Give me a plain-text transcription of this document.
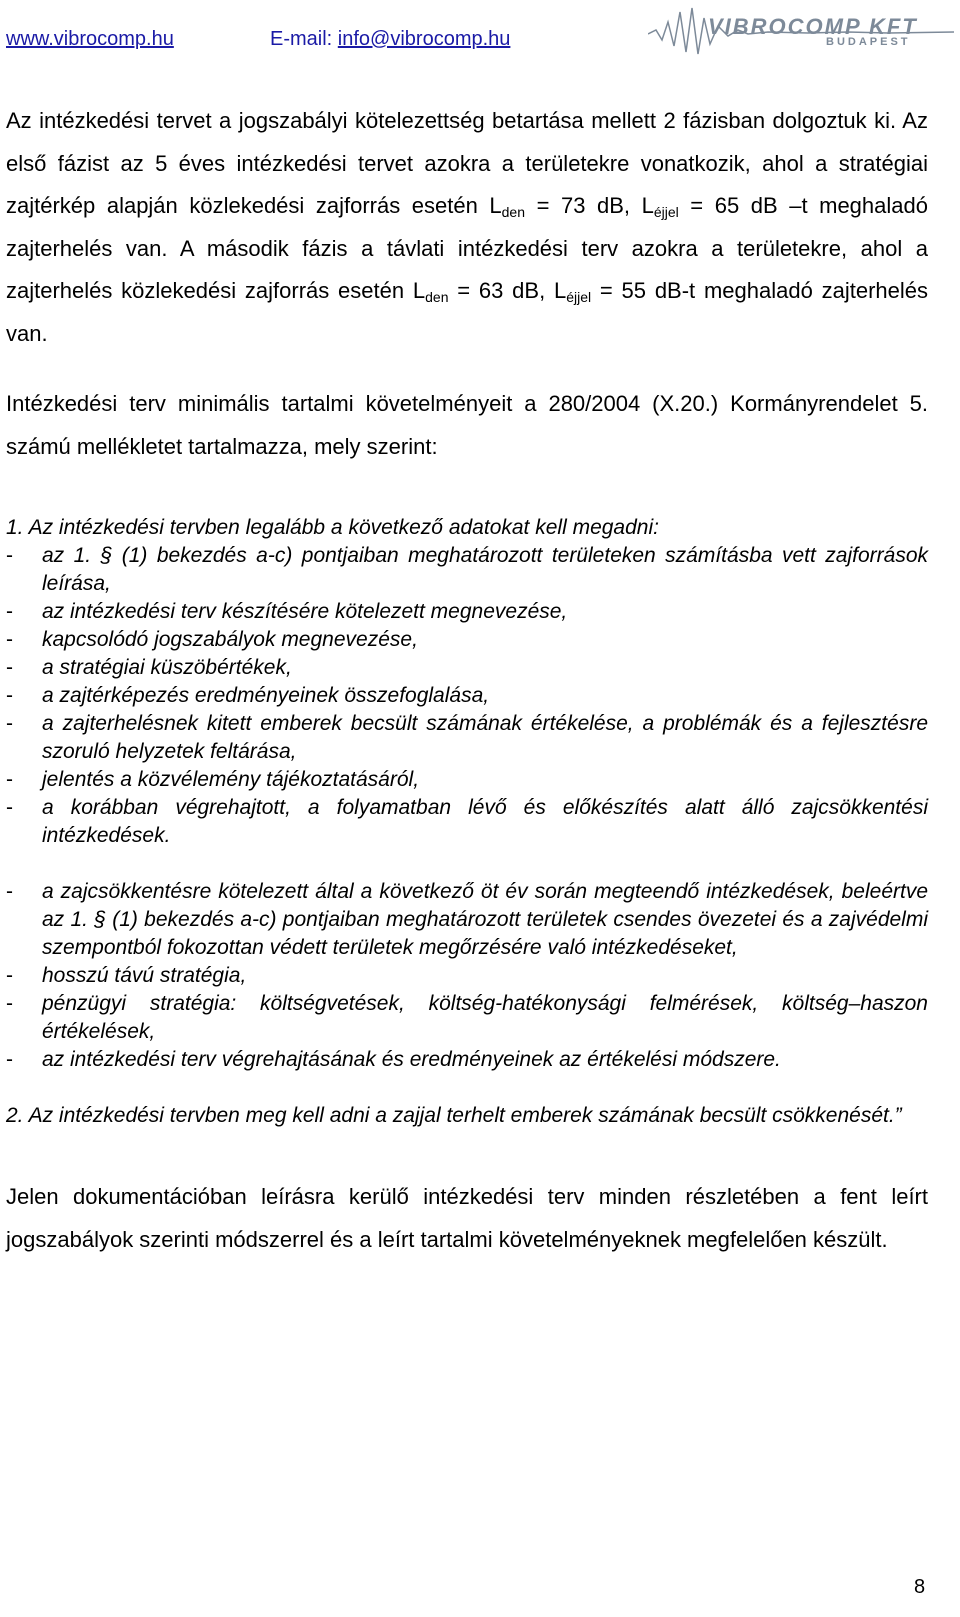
www.vibrocomp.hu	E-mail: info@vibrocomp.hu	VIBROCOMP KFT
BUDAPEST

Az intézkedési tervet a jogszabályi kötelezettség betartása mellett 2 fázisban dolgoztuk ki. Az első fázist az 5 éves intézkedési tervet azokra a területekre vonatkozik, ahol a stratégiai zajtérkép alapján közlekedési zajforrás esetén $L_{den} = 73$ dB, $L_{éjjel} = 65$ dB –t meghaladó zajterhelés van. A második fázis a távlati intézkedési terv azokra a területekre, ahol a zajterhelés közlekedési zajforrás esetén $L_{den} = 63$ dB, $L_{éjjel} = 55$ dB-t meghaladó zajterhelés van.

Intézkedési terv minimális tartalmi követelményeit a 280/2004 (X.20.) Kormányrendelet 5. számú mellékletet tartalmazza, mely szerint:

1. Az intézkedési tervben legalább a következő adatokat kell megadni:

- az 1. § (1) bekezdés a-c) pontjaiban meghatározott területeken számításba vett zajforrások leírása,
- az intézkedési terv készítésére kötelezett megnevezése,
- kapcsolódó jogszabályok megnevezése,
- a stratégiai küszöbértékek,
- a zajtérképezés eredményeinek összefoglalása,
- a zajterhelésnek kitett emberek becsült számának értékelése, a problémák és a fejlesztésre szoruló helyzetek feltárása,
- jelentés a közvélemény tájékoztatásáról,
- a korábban végrehajtott, a folyamatban lévő és előkészítés alatt álló zajcsökkentési intézkedések.
- a zajcsökkentésre kötelezett által a következő öt év során megteendő intézkedések, beleértve az 1. § (1) bekezdés a-c) pontjaiban meghatározott területek csendes övezetei és a zajvédelmi szempontból fokozottan védett területek megőrzésére való intézkedéseket,
- hosszú távú stratégia,
- pénzügyi stratégia: költségvetések, költség-hatékonysági felmérések, költség–haszon értékelések,
- az intézkedési terv végrehajtásának és eredményeinek az értékelési módszere.

2. Az intézkedési tervben meg kell adni a zajjal terhelt emberek számának becsült csökkenését.”

Jelen dokumentációban leírásra kerülő intézkedési terv minden részletében a fent leírt jogszabályok szerinti módszerrel és a leírt tartalmi követelményeknek megfelelően készült.

8
